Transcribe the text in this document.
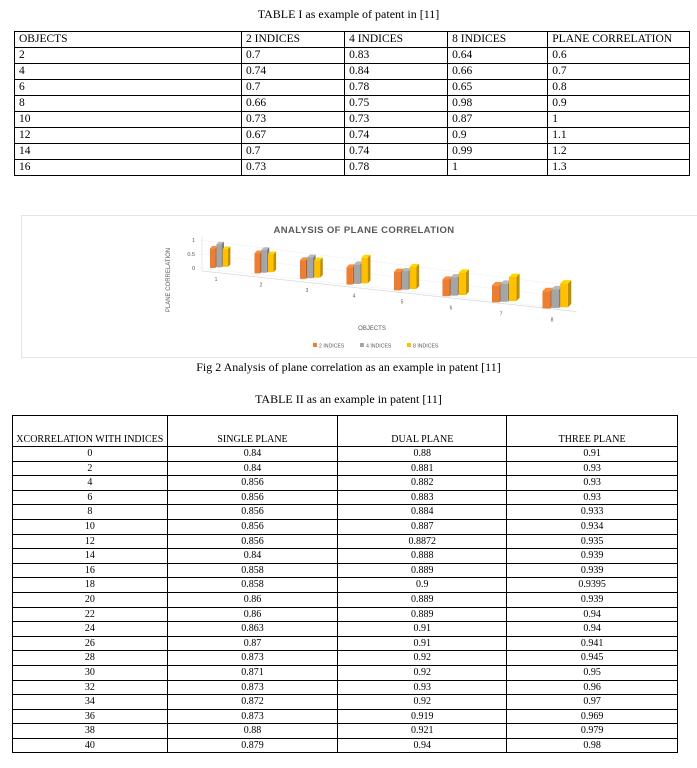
TABLE I as example of patent in [11]
OBJECTS	2 INDICES	4 INDICES	8 INDICES	PLANE CORRELATION
2	0.7	0.83	0.64	0.6
4	0.74	0.84	0.66	0.7
6	0.7	0.78	0.65	0.8
8	0.66	0.75	0.98	0.9
10	0.73	0.73	0.87	1
12	0.67	0.74	0.9	1.1
14	0.7	0.74	0.99	1.2
16	0.73	0.78	1	1.3
ANALYSIS OF PLANE CORRELATION
PLANE CORRELATION	0
0.5
1
1
2
3
4
5
6
7
8
OBJECTS
2 INDICES	4 INDICES	8 INDICES
Fig 2 Analysis of plane correlation as an example in patent [11]
TABLE II as an example in patent [11]
XCORRELATION WITH INDICES	SINGLE PLANE	DUAL PLANE	THREE PLANE
0	0.84	0.88	0.91
2	0.84	0.881	0.93
4	0.856	0.882	0.93
6	0.856	0.883	0.93
8	0.856	0.884	0.933
10	0.856	0.887	0.934
12	0.856	0.8872	0.935
14	0.84	0.888	0.939
16	0.858	0.889	0.939
18	0.858	0.9	0.9395
20	0.86	0.889	0.939
22	0.86	0.889	0.94
24	0.863	0.91	0.94
26	0.87	0.91	0.941
28	0.873	0.92	0.945
30	0.871	0.92	0.95
32	0.873	0.93	0.96
34	0.872	0.92	0.97
36	0.873	0.919	0.969
38	0.88	0.921	0.979
40	0.879	0.94	0.98
